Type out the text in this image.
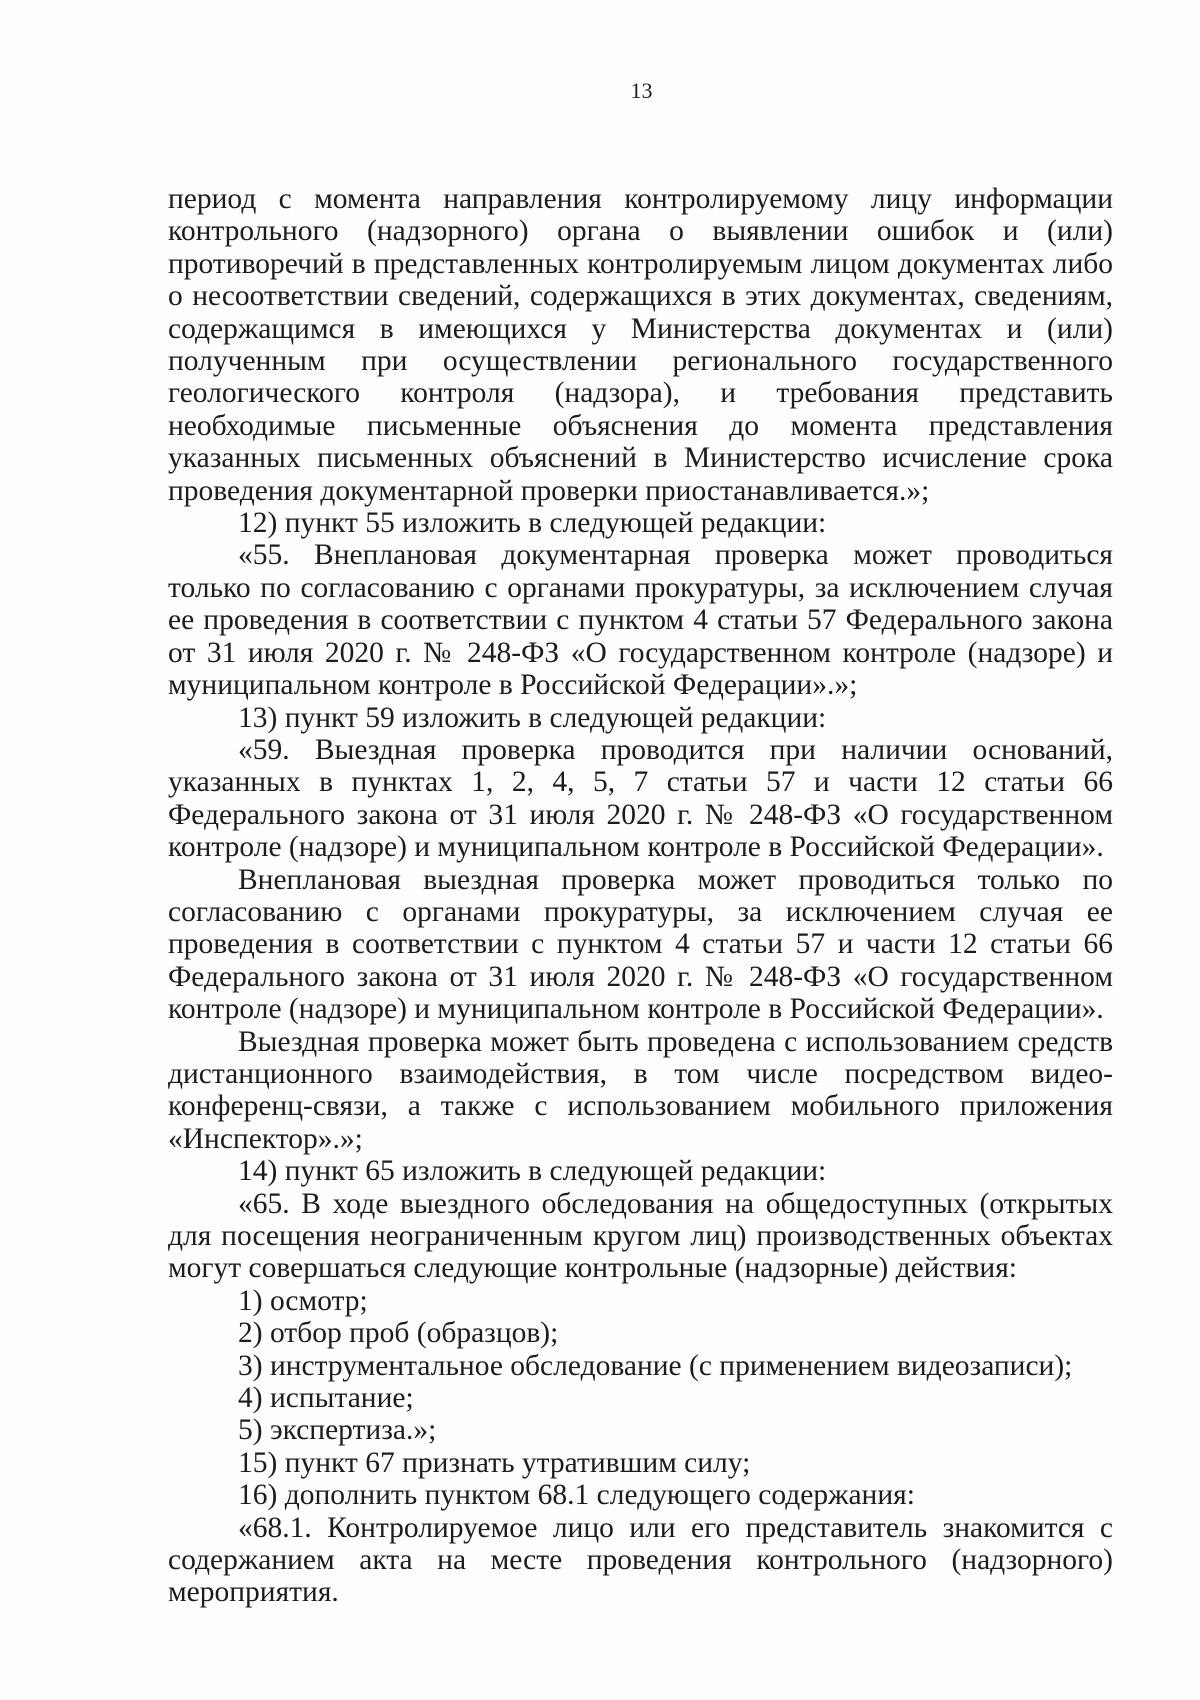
13

период с момента направления контролируемому лицу информации контрольного (надзорного) органа о выявлении ошибок и (или) противоречий в представленных контролируемым лицом документах либо о несоответствии сведений, содержащихся в этих документах, сведениям, содержащимся в имеющихся у Министерства документах и (или) полученным при осуществлении регионального государственного геологического контроля (надзора), и требования представить необходимые письменные объяснения до момента представления указанных письменных объяснений в Министерство исчисление срока проведения документарной проверки приостанавливается.»;

12) пункт 55 изложить в следующей редакции:

«55. Внеплановая документарная проверка может проводиться только по согласованию с органами прокуратуры, за исключением случая ее проведения в соответствии с пунктом 4 статьи 57 Федерального закона от 31 июля 2020 г. № 248-ФЗ «О государственном контроле (надзоре) и муниципальном контроле в Российской Федерации».»;

13) пункт 59 изложить в следующей редакции:

«59. Выездная проверка проводится при наличии оснований, указанных в пунктах 1, 2, 4, 5, 7 статьи 57 и части 12 статьи 66 Федерального закона от 31 июля 2020 г. № 248-ФЗ «О государственном контроле (надзоре) и муниципальном контроле в Российской Федерации».

Внеплановая выездная проверка может проводиться только по согласованию с органами прокуратуры, за исключением случая ее проведения в соответствии с пунктом 4 статьи 57 и части 12 статьи 66 Федерального закона от 31 июля 2020 г. № 248-ФЗ «О государственном контроле (надзоре) и муниципальном контроле в Российской Федерации».

Выездная проверка может быть проведена с использованием средств дистанционного взаимодействия, в том числе посредством видео-конференц-связи, а также с использованием мобильного приложения «Инспектор».»;

14) пункт 65 изложить в следующей редакции:

«65. В ходе выездного обследования на общедоступных (открытых для посещения неограниченным кругом лиц) производственных объектах могут совершаться следующие контрольные (надзорные) действия:

1) осмотр;

2) отбор проб (образцов);

3) инструментальное обследование (с применением видеозаписи);

4) испытание;

5) экспертиза.»;

15) пункт 67 признать утратившим силу;

16) дополнить пунктом 68.1 следующего содержания:

«68.1. Контролируемое лицо или его представитель знакомится с содержанием акта на месте проведения контрольного (надзорного) мероприятия.
